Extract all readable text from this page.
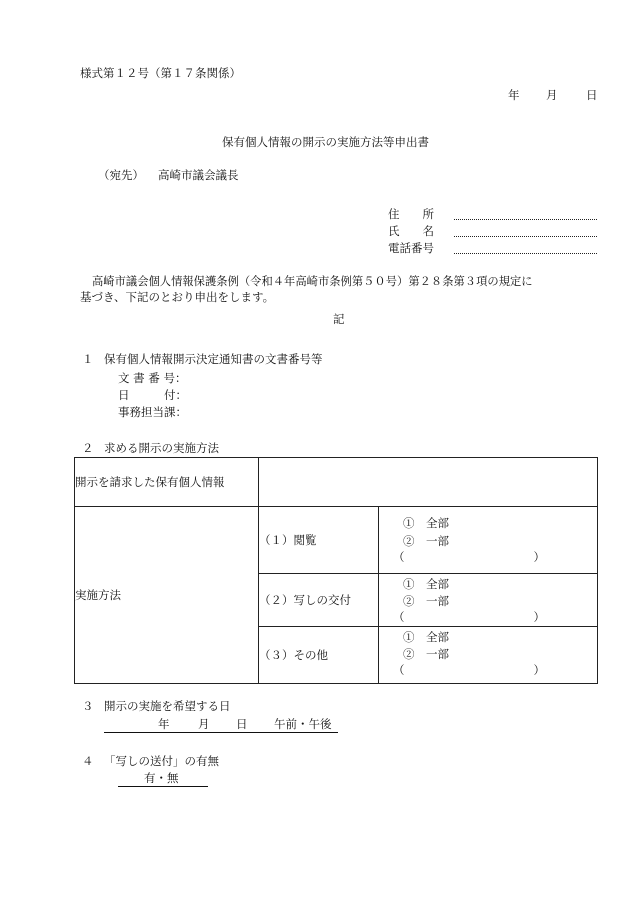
様式第１２号（第１７条関係）
年 月 日
保有個人情報の開示の実施方法等申出書
（宛先） 高崎市議会議長
住　　所
氏　　名
電話番号
高崎市議会個人情報保護条例（令和４年高崎市条例第５０号）第２８条第３項の規定に
基づき、下記のとおり申出をします。
記
１ 保有個人情報開示決定通知書の文書番号等
文 書 番 号：
日　　　付：
事務担当課：
２ 求める開示の実施方法
開示を請求した保有個人情報		
実施方法	（１）閲覧	①　全部
②　一部
（ ）

	（２）写しの交付	①　全部
②　一部
（ ）

	（３）その他	①　全部
②　一部
（ ）
３ 開示の実施を希望する日
年 月 日 午前・午後
４ 「写しの送付」の有無
有・無
